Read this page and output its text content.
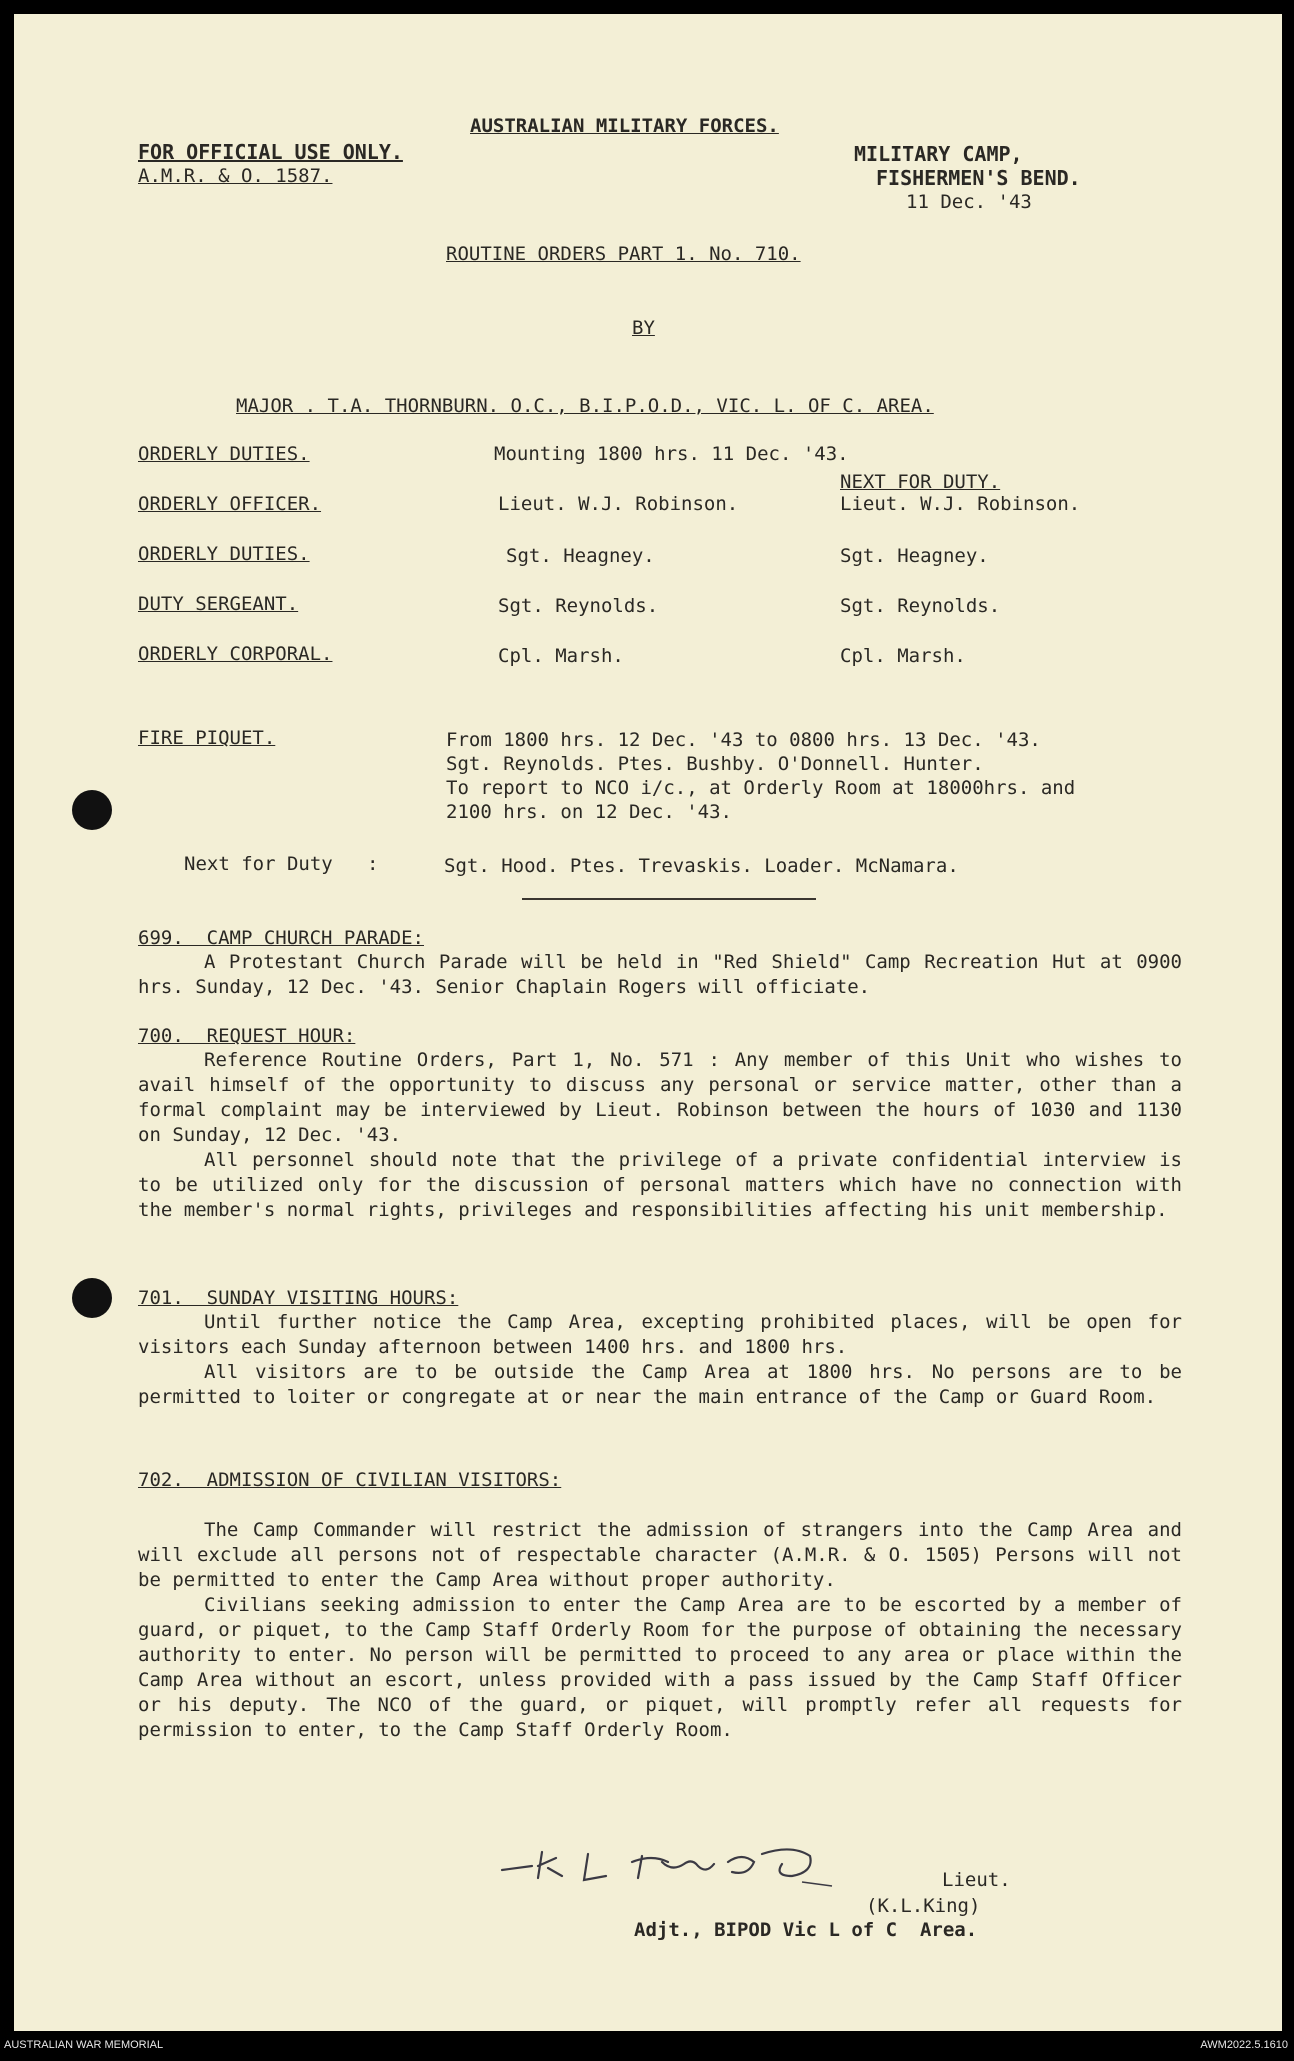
AUSTRALIAN MILITARY FORCES.
FOR OFFICIAL USE ONLY.
A.M.R. & O. 1587.
MILITARY CAMP,
FISHERMEN'S BEND.
11 Dec. '43
ROUTINE ORDERS PART 1. No. 710.
BY
MAJOR . T.A. THORNBURN. O.C., B.I.P.O.D., VIC. L. OF C. AREA.
NEXT FOR DUTY.
ORDERLY DUTIES.	Mounting 1800 hrs. 11 Dec. '43.
ORDERLY OFFICER.	Lieut. W.J. Robinson.	Lieut. W.J. Robinson.
ORDERLY DUTIES.	Sgt. Heagney.	Sgt. Heagney.
DUTY SERGEANT.	Sgt. Reynolds.	Sgt. Reynolds.
ORDERLY CORPORAL.	Cpl. Marsh.	Cpl. Marsh.
FIRE PIQUET.	From 1800 hrs. 12 Dec. '43 to 0800 hrs. 13 Dec. '43.
Sgt. Reynolds. Ptes. Bushby. O'Donnell. Hunter.
To report to NCO i/c., at Orderly Room at 18000hrs. and
2100 hrs. on 12 Dec. '43.
Next for Duty   :	Sgt. Hood. Ptes. Trevaskis. Loader. McNamara.
699.  CAMP CHURCH PARADE:

A Protestant Church Parade will be held in "Red Shield" Camp Recreation Hut at 0900 hrs. Sunday, 12 Dec. '43. Senior Chaplain Rogers will officiate.

700.  REQUEST HOUR:

Reference Routine Orders, Part 1, No. 571 : Any member of this Unit who wishes to avail himself of the opportunity to discuss any personal or service matter, other than a formal complaint may be interviewed by Lieut. Robinson between the hours of 1030 and 1130 on Sunday, 12 Dec. '43.

All personnel should note that the privilege of a private confidential interview is to be utilized only for the discussion of personal matters which have no connection with the member's normal rights, privileges and responsibilities affecting his unit membership.

701.  SUNDAY VISITING HOURS:

Until further notice the Camp Area, excepting prohibited places, will be open for visitors each Sunday afternoon between 1400 hrs. and 1800 hrs.

All visitors are to be outside the Camp Area at 1800 hrs. No persons are to be permitted to loiter or congregate at or near the main entrance of the Camp or Guard Room.

702.  ADMISSION OF CIVILIAN VISITORS:

The Camp Commander will restrict the admission of strangers into the Camp Area and will exclude all persons not of respectable character (A.M.R. & O. 1505) Persons will not be permitted to enter the Camp Area without proper authority.

Civilians seeking admission to enter the Camp Area are to be escorted by a member of guard, or piquet, to the Camp Staff Orderly Room for the purpose of obtaining the necessary authority to enter. No person will be permitted to proceed to any area or place within the Camp Area without an escort, unless provided with a pass issued by the Camp Staff Officer or his deputy. The NCO of the guard, or piquet, will promptly refer all requests for permission to enter, to the Camp Staff Orderly Room.

Lieut.
(K.L.King)
Adjt., BIPOD Vic L of C  Area.
AUSTRALIAN WAR MEMORIAL	AWM2022.5.1610
